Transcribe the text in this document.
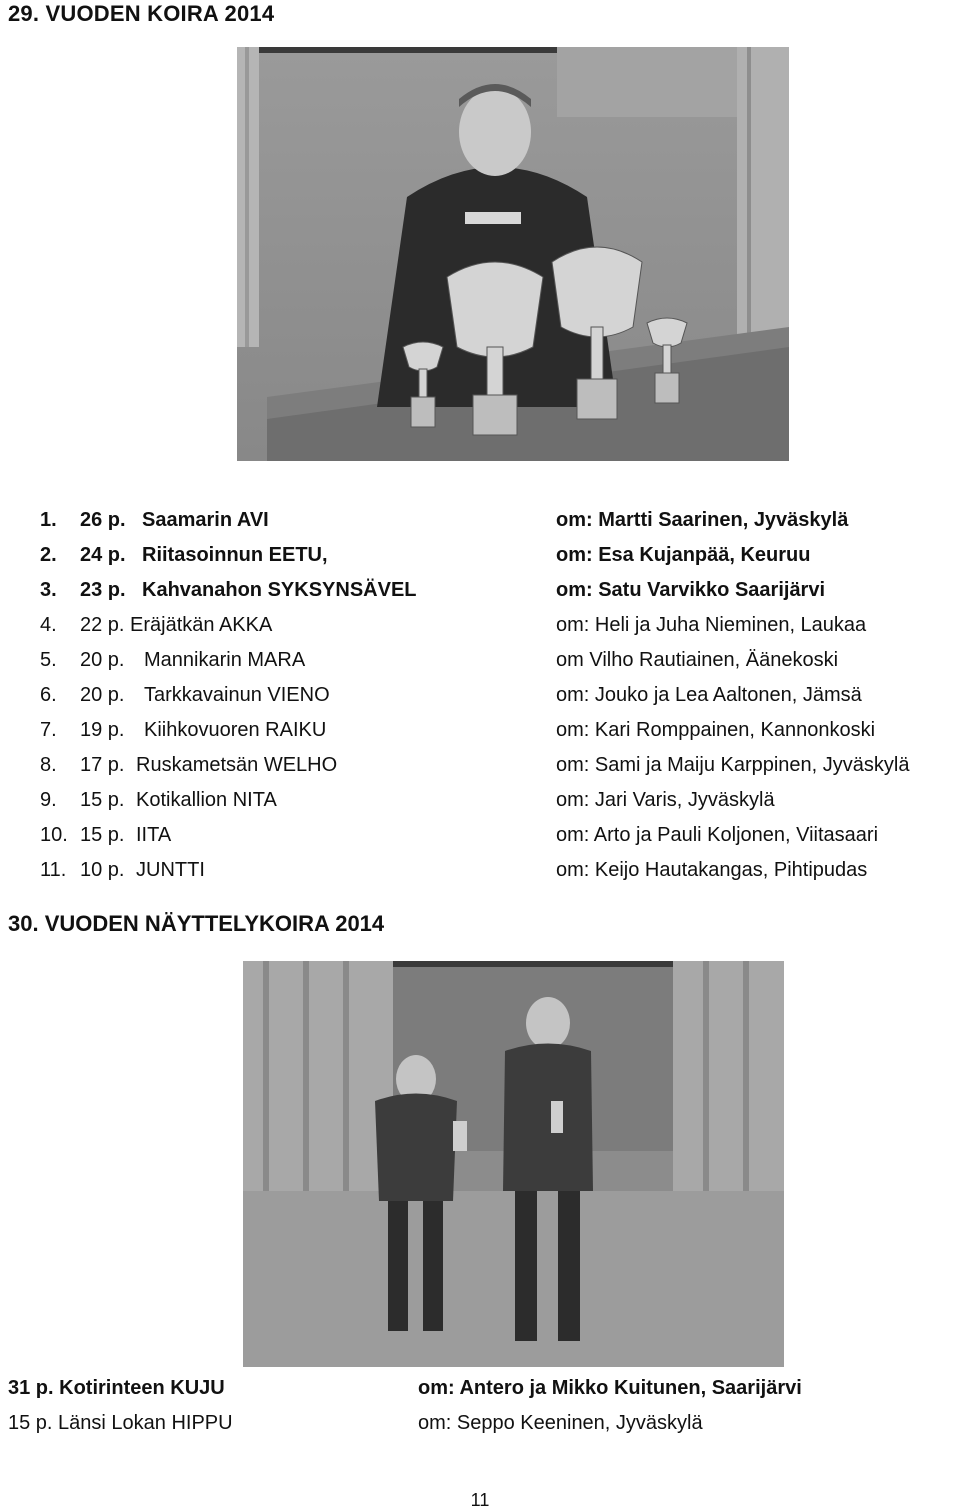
29. VUODEN KOIRA 2014
1. 26 p. Saamarin AVI	om: Martti Saarinen, Jyväskylä
2. 24 p. Riitasoinnun EETU,	om: Esa Kujanpää, Keuruu
3. 23 p. Kahvanahon SYKSYNSÄVEL	om: Satu Varvikko Saarijärvi
4. 22 p. Eräjätkän AKKA	om: Heli ja Juha Nieminen, Laukaa
5. 20 p. Mannikarin MARA	om Vilho Rautiainen, Äänekoski
6. 20 p. Tarkkavainun VIENO	om: Jouko ja Lea Aaltonen, Jämsä
7. 19 p. Kiihkovuoren RAIKU	om: Kari Romppainen, Kannonkoski
8. 17 p. Ruskametsän WELHO	om: Sami ja Maiju Karppinen, Jyväskylä
9. 15 p. Kotikallion NITA	om: Jari Varis, Jyväskylä
10. 15 p. IITA	om: Arto ja Pauli Koljonen, Viitasaari
11. 10 p. JUNTTI	om: Keijo Hautakangas, Pihtipudas
30. VUODEN NÄYTTELYKOIRA 2014
31 p. Kotirinteen KUJU	om: Antero ja Mikko Kuitunen, Saarijärvi
15 p. Länsi Lokan HIPPU	om: Seppo Keeninen, Jyväskylä
11
